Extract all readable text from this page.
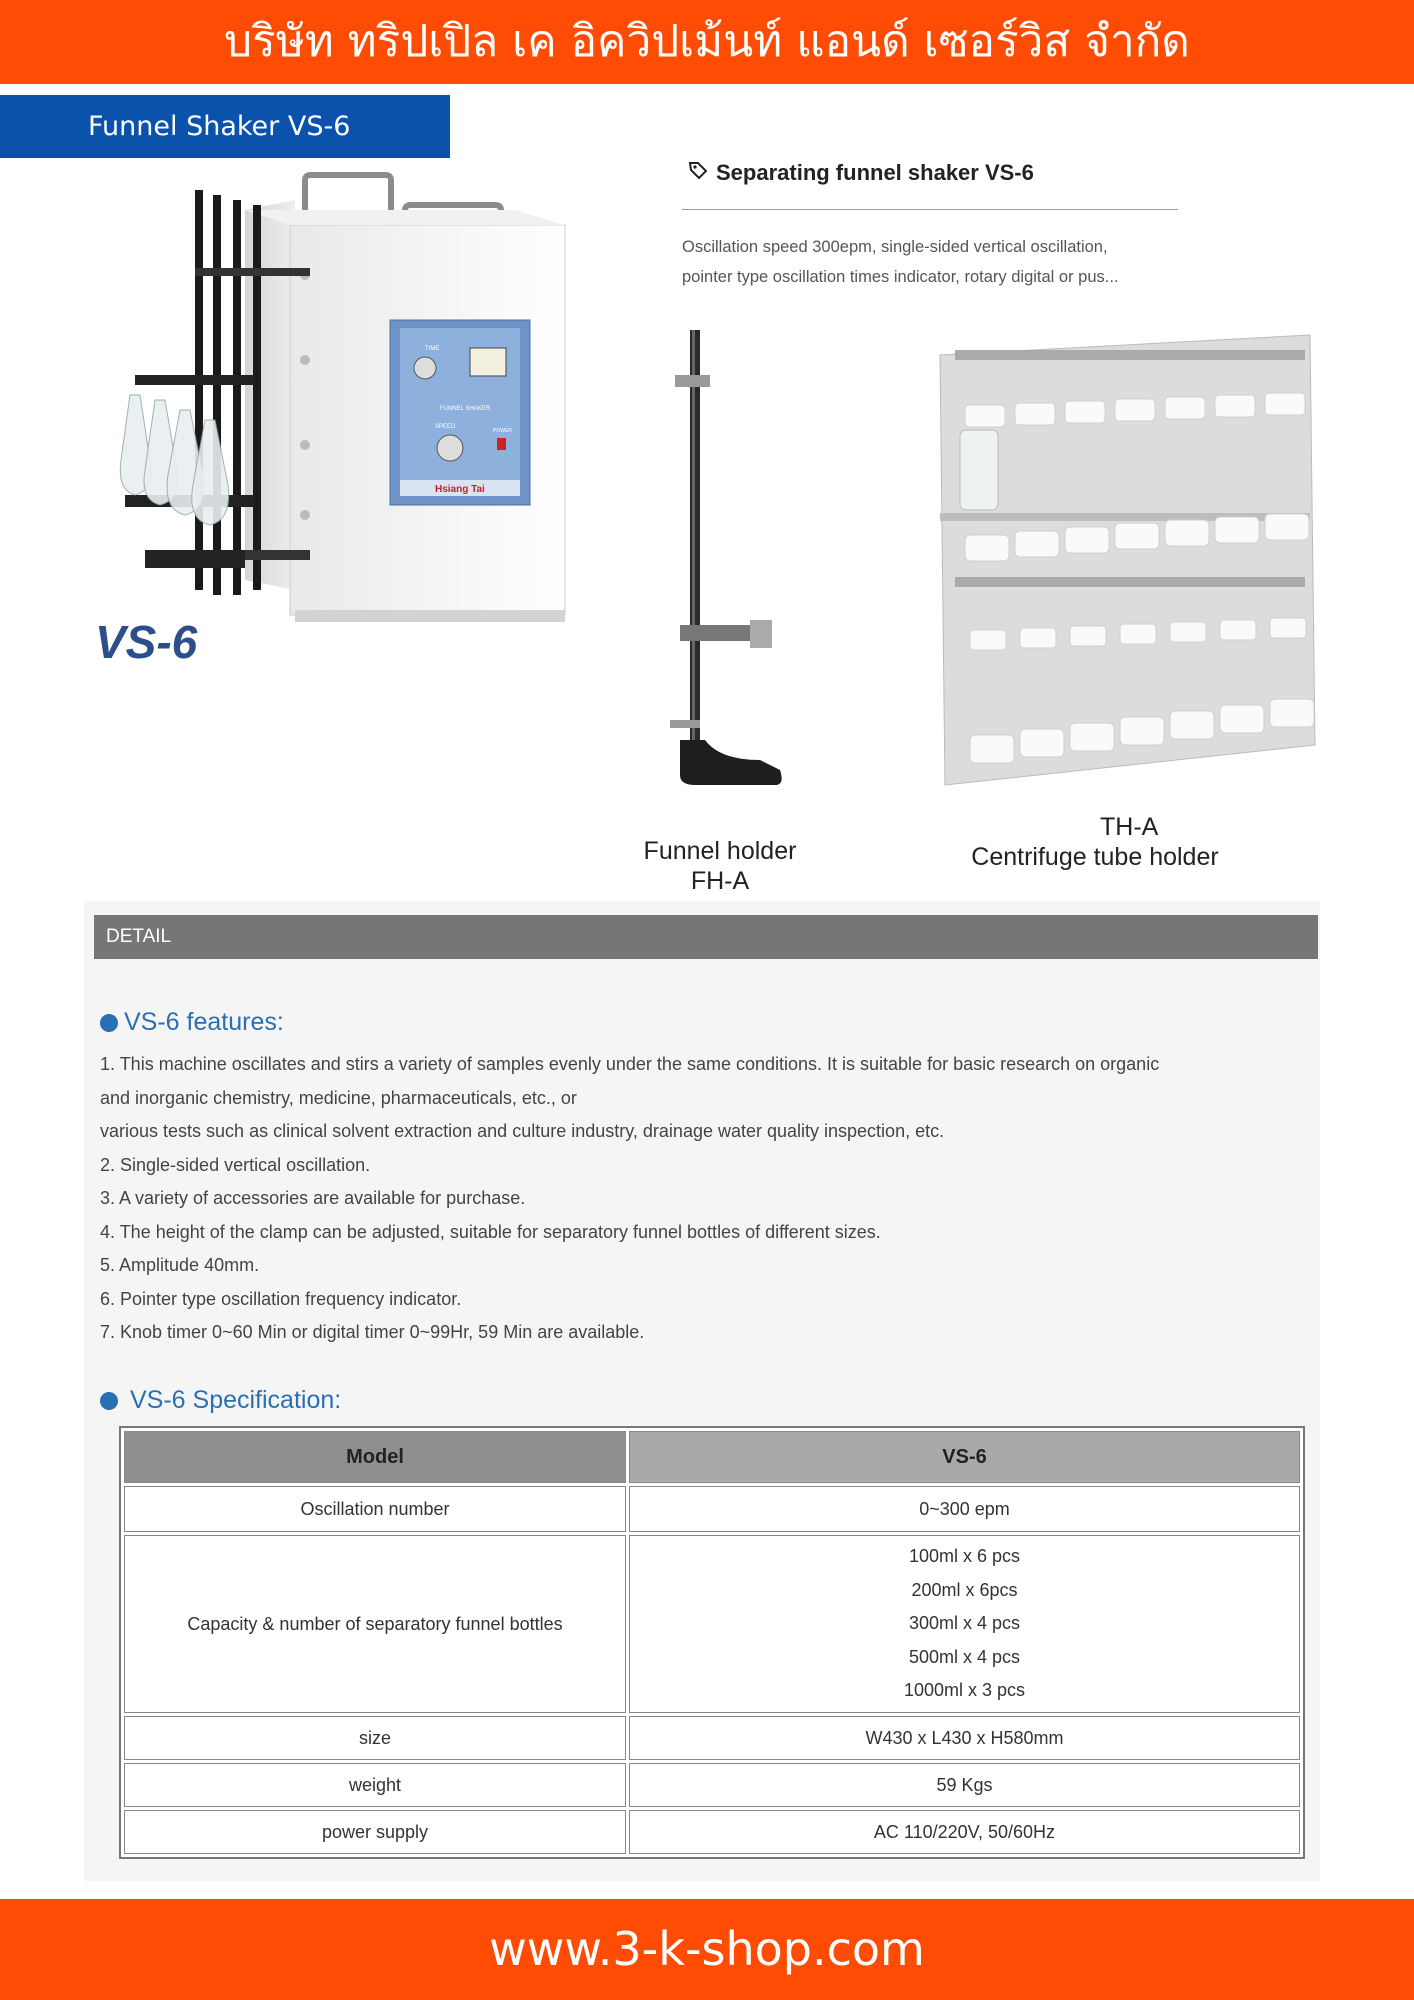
บริษัท ทริปเปิล เค อิควิปเม้นท์ แอนด์ เซอร์วิส จำกัด
Funnel Shaker VS-6
TIME
FUNNEL SHAKER
SPEED
POWER
Hsiang Tai
VS-6
Separating funnel shaker VS-6
Oscillation speed 300epm, single-sided vertical oscillation,
pointer type oscillation times indicator, rotary digital or pus...
Funnel holder
FH-A
TH-A
Centrifuge tube holder
DETAIL
VS-6 features:
1. This machine oscillates and stirs a variety of samples evenly under the same conditions. It is suitable for basic research on organic
and inorganic chemistry, medicine, pharmaceuticals, etc., or
various tests such as clinical solvent extraction and culture industry, drainage water quality inspection, etc.
2. Single-sided vertical oscillation.
3. A variety of accessories are available for purchase.
4. The height of the clamp can be adjusted, suitable for separatory funnel bottles of different sizes.
5. Amplitude 40mm.
6. Pointer type oscillation frequency indicator.
7. Knob timer 0~60 Min or digital timer 0~99Hr, 59 Min are available.
VS-6 Specification:
Model	VS-6
Oscillation number	0~300 epm
Capacity & number of separatory funnel bottles	100ml x 6 pcs
200ml x 6pcs
300ml x 4 pcs
500ml x 4 pcs
1000ml x 3 pcs

size	W430 x L430 x H580mm
weight	59 Kgs
power supply	AC 110/220V, 50/60Hz
www.3-k-shop.com
